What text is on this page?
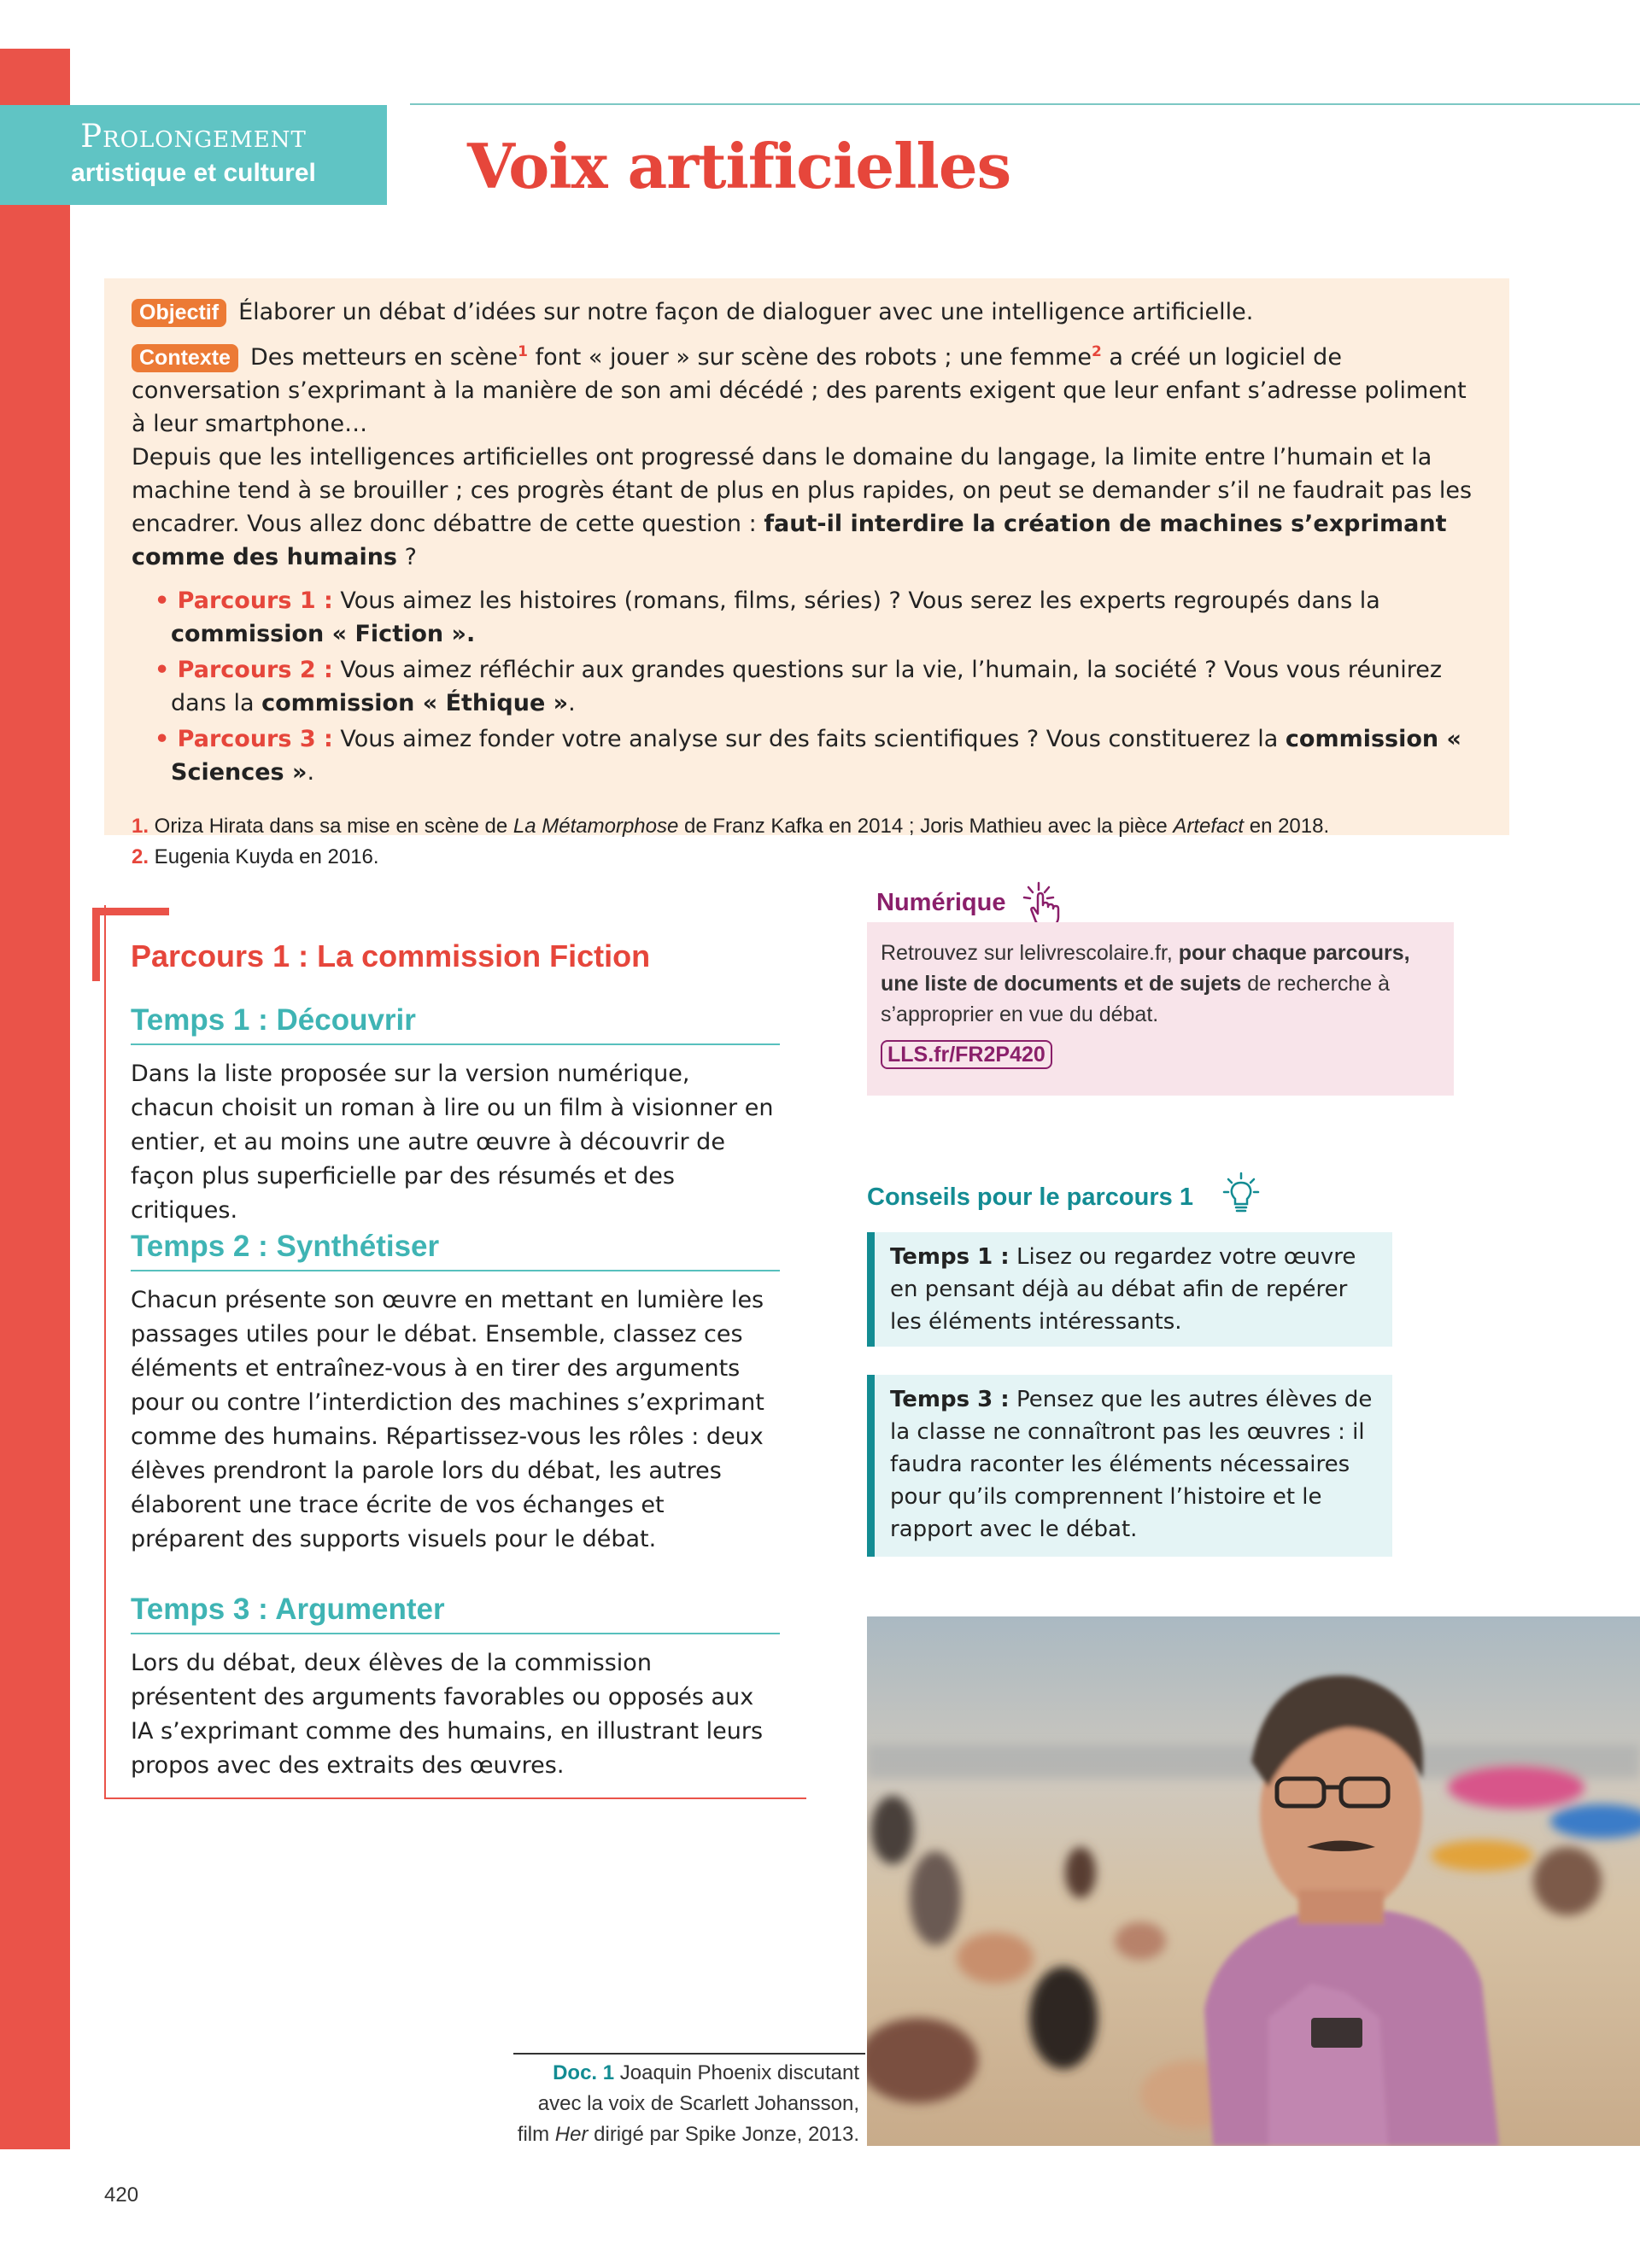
Prolongement
artistique et culturel	Voix artificielles

Objectif Élaborer un débat d’idées sur notre façon de dialoguer avec une intelligence artificielle.

Contexte Des metteurs en scène$^1$ font « jouer » sur scène des robots ; une femme$^2$ a créé un logiciel de conversation s’exprimant à la manière de son ami décédé ; des parents exigent que leur enfant s’adresse poliment à leur smartphone…

Depuis que les intelligences artificielles ont progressé dans le domaine du langage, la limite entre l’humain et la machine tend à se brouiller ; ces progrès étant de plus en plus rapides, on peut se demander s’il ne faudrait pas les encadrer. Vous allez donc débattre de cette question : faut-il interdire la création de machines s’exprimant comme des humains ?

• Parcours 1 : Vous aimez les histoires (romans, films, séries) ? Vous serez les experts regroupés dans la commission « Fiction ».
• Parcours 2 : Vous aimez réfléchir aux grandes questions sur la vie, l’humain, la société ? Vous vous réunirez dans la commission « Éthique ».
• Parcours 3 : Vous aimez fonder votre analyse sur des faits scientifiques ? Vous constituerez la commission « Sciences ».
1. Oriza Hirata dans sa mise en scène de La Métamorphose de Franz Kafka en 2014 ; Joris Mathieu avec la pièce Artefact en 2018.
2. Eugenia Kuyda en 2016.
Parcours 1 : La commission Fiction
Temps 1 : Découvrir

Dans la liste proposée sur la version numérique, chacun choisit un roman à lire ou un film à visionner en entier, et au moins une autre œuvre à découvrir de façon plus superficielle par des résumés et des critiques.

Temps 2 : Synthétiser

Chacun présente son œuvre en mettant en lumière les passages utiles pour le débat. Ensemble, classez ces éléments et entraînez-vous à en tirer des arguments pour ou contre l’interdiction des machines s’exprimant comme des humains. Répartissez-vous les rôles : deux élèves prendront la parole lors du débat, les autres élaborent une trace écrite de vos échanges et préparent des supports visuels pour le débat.

Temps 3 : Argumenter

Lors du débat, deux élèves de la commission présentent des arguments favorables ou opposés aux IA s’exprimant comme des humains, en illustrant leurs propos avec des extraits des œuvres.

Numérique
Retrouvez sur lelivrescolaire.fr, pour chaque parcours, une liste de documents et de sujets de recherche à s’approprier en vue du débat.
LLS.fr/FR2P420
Conseils pour le parcours 1
Temps 1 : Lisez ou regardez votre œuvre en pensant déjà au débat afin de repérer les éléments intéressants.
Temps 3 : Pensez que les autres élèves de la classe ne connaîtront pas les œuvres : il faudra raconter les éléments nécessaires pour qu’ils comprennent l’histoire et le rapport avec le débat.
Doc. 1 Joaquin Phoenix discutant
avec la voix de Scarlett Johansson,
film Her dirigé par Spike Jonze, 2013.
420
